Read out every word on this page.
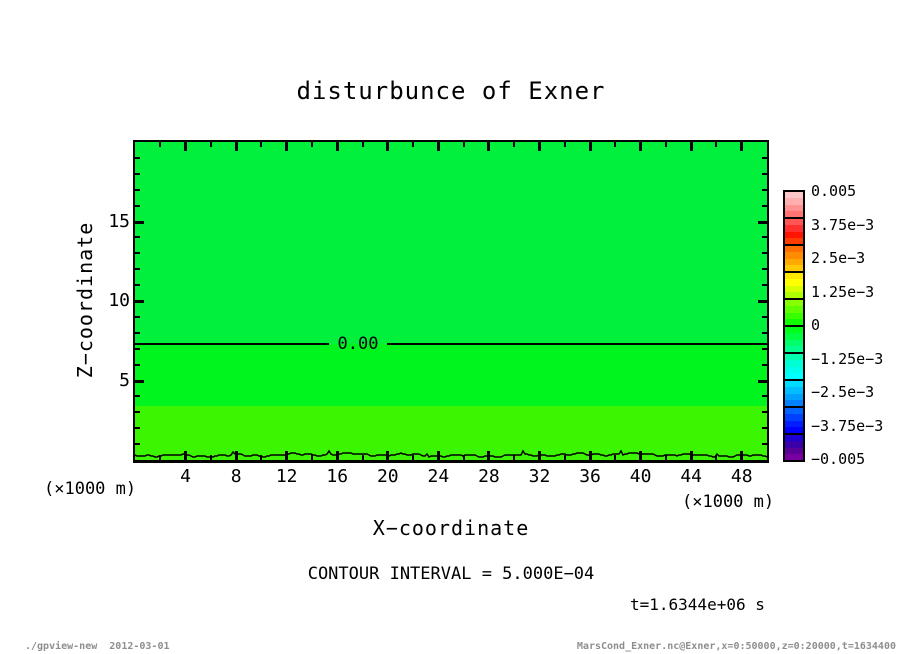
disturbunce of Exner
0.00
Z−coordinate
X−coordinate
(×1000 m)
(×1000 m)
CONTOUR INTERVAL = 5.000E−04
t=1.6344e+06 s
./gpview-new  2012-03-01	MarsCond_Exner.nc@Exner,x=0:50000,z=0:20000,t=1634400
4	8	12	16	20	24	28	32	36	40	44	48
5
10
15
0.005
3.75e−3
2.5e−3
1.25e−3
0
−1.25e−3
−2.5e−3
−3.75e−3
−0.005
